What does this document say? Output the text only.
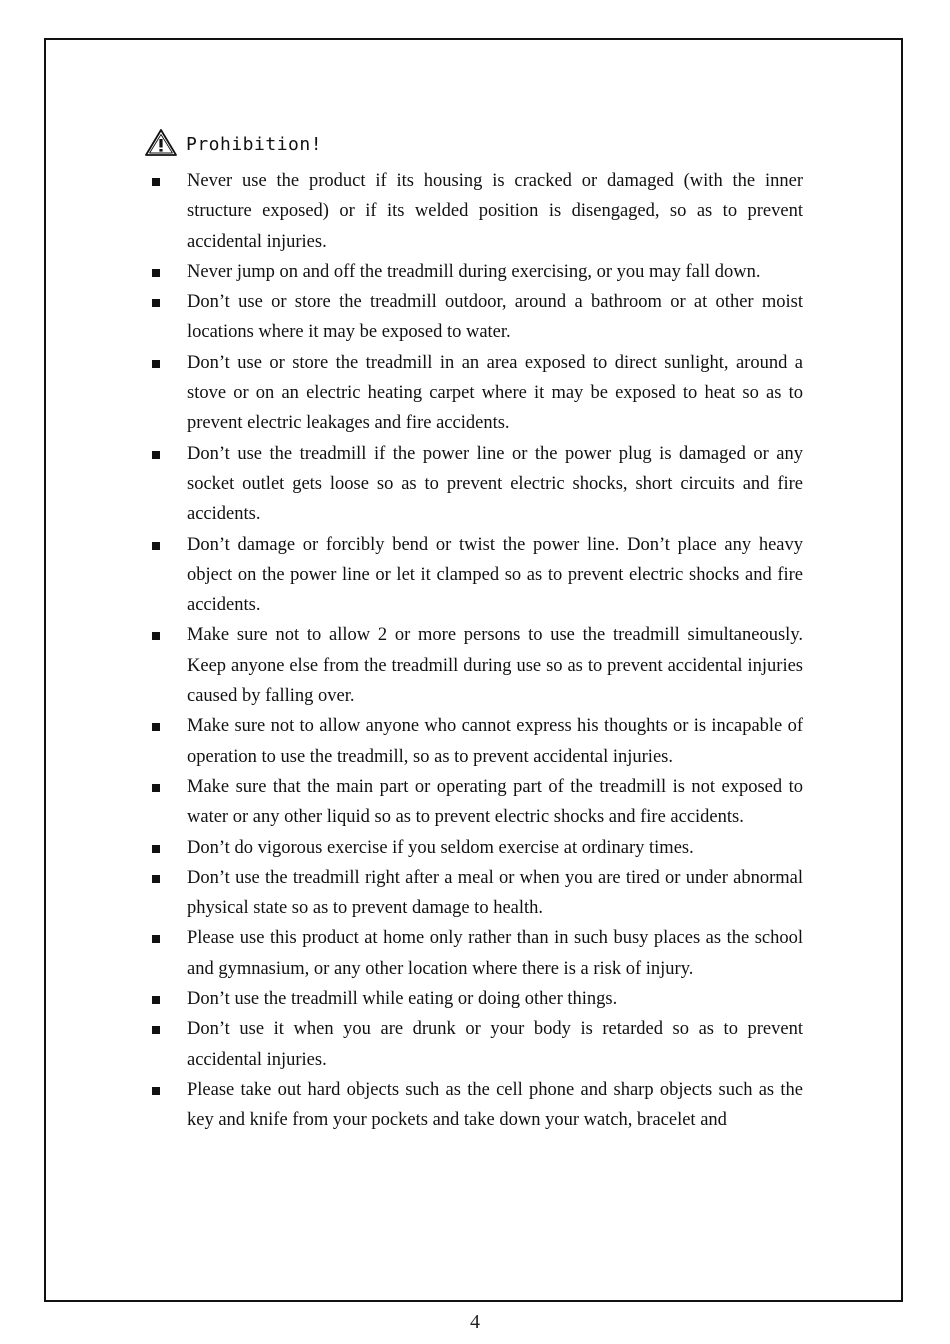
Prohibition!
Never use the product if its housing is cracked or damaged (with the inner structure exposed) or if its welded position is disengaged, so as to prevent accidental injuries.
Never jump on and off the treadmill during exercising, or you may fall down.
Don’t use or store the treadmill outdoor, around a bathroom or at other moist locations where it may be exposed to water.
Don’t use or store the treadmill in an area exposed to direct sunlight, around a stove or on an electric heating carpet where it may be exposed to heat so as to prevent electric leakages and fire accidents.
Don’t use the treadmill if the power line or the power plug is damaged or any socket outlet gets loose so as to prevent electric shocks, short circuits and fire accidents.
Don’t damage or forcibly bend or twist the power line. Don’t place any heavy object on the power line or let it clamped so as to prevent electric shocks and fire accidents.
Make sure not to allow 2 or more persons to use the treadmill simultaneously. Keep anyone else from the treadmill during use so as to prevent accidental injuries caused by falling over.
Make sure not to allow anyone who cannot express his thoughts or is incapable of operation to use the treadmill, so as to prevent accidental injuries.
Make sure that the main part or operating part of the treadmill is not exposed to water or any other liquid so as to prevent electric shocks and fire accidents.
Don’t do vigorous exercise if you seldom exercise at ordinary times.
Don’t use the treadmill right after a meal or when you are tired or under abnormal physical state so as to prevent damage to health.
Please use this product at home only rather than in such busy places as the school and gymnasium, or any other location where there is a risk of injury.
Don’t use the treadmill while eating or doing other things.
Don’t use it when you are drunk or your body is retarded so as to prevent accidental injuries.
Please take out hard objects such as the cell phone and sharp objects such as the key and knife from your pockets and take down your watch, bracelet and
4
